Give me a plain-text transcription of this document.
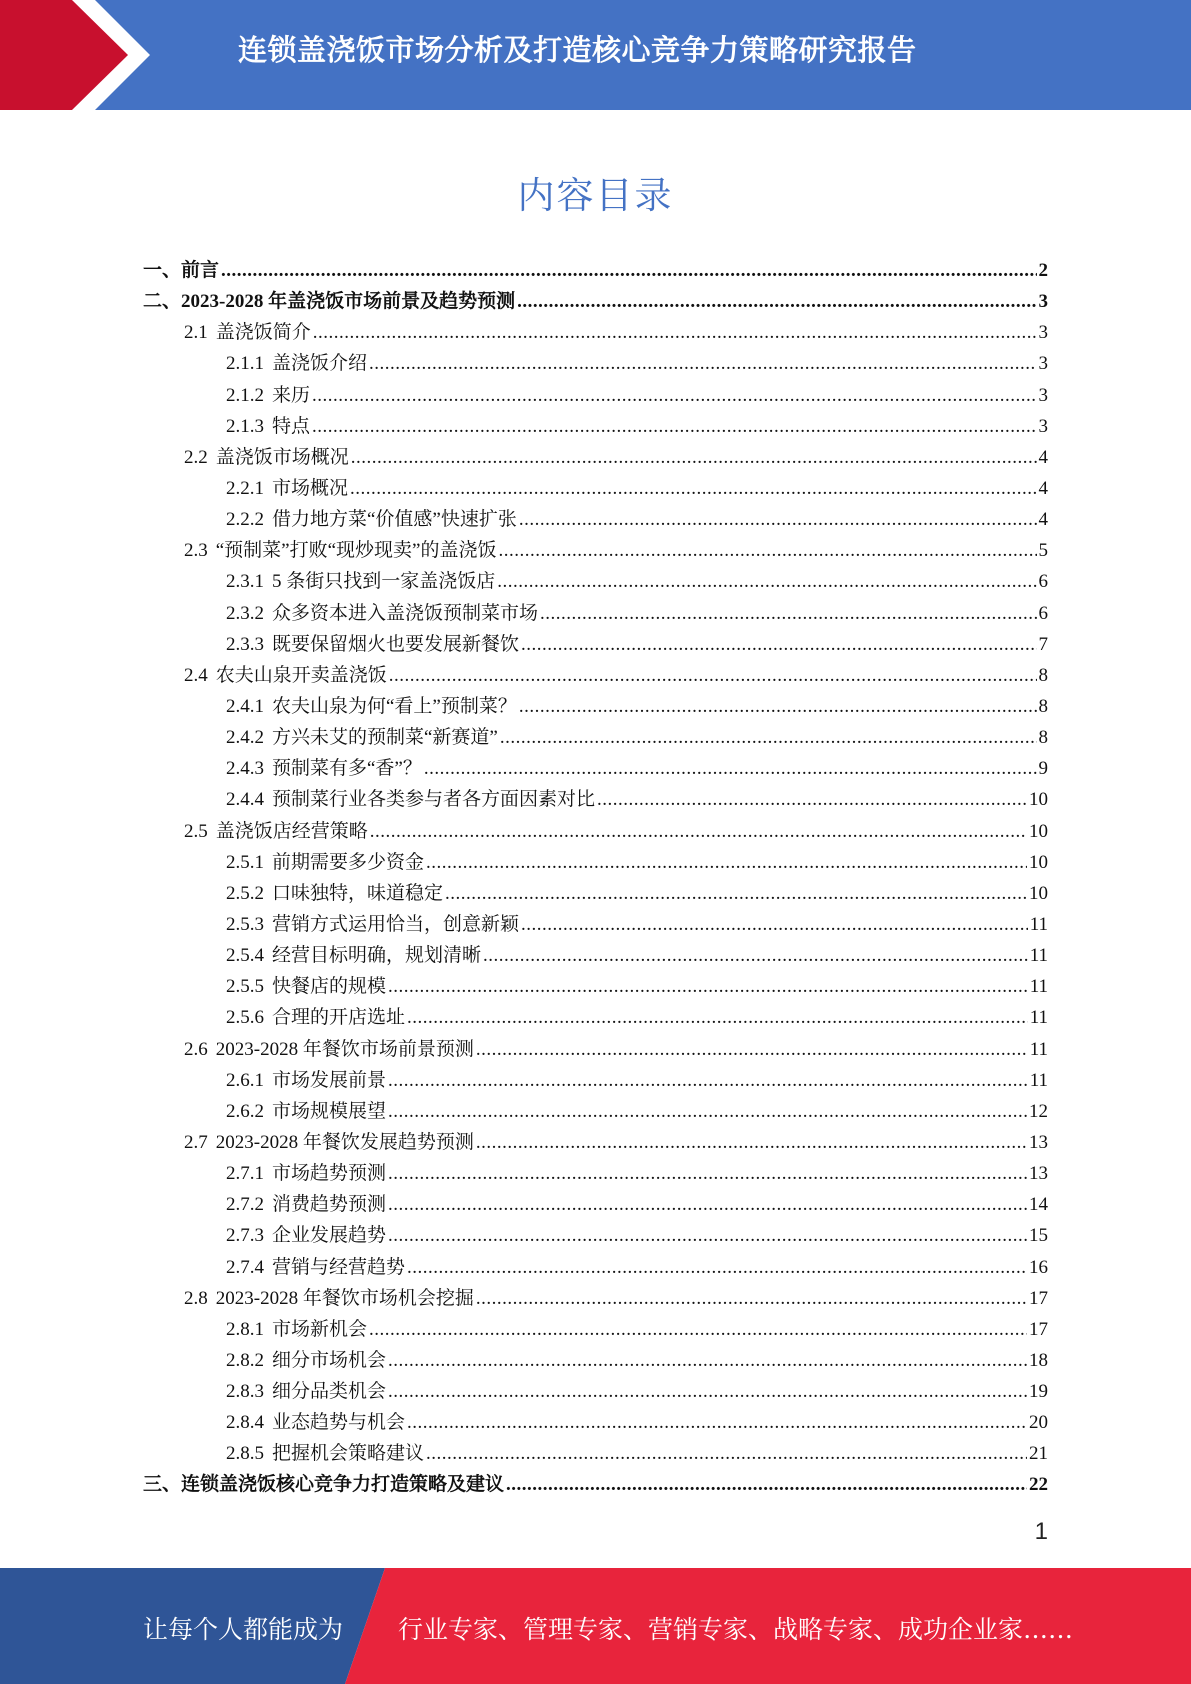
连锁盖浇饭市场分析及打造核心竞争力策略研究报告
内容目录
一、 前言 .....	2
二、 2023-2028 年盖浇饭市场前景及趋势预测 .....	3
2.1 盖浇饭简介 .....	3
2.1.1 盖浇饭介绍 .....	3
2.1.2 来历 .....	3
2.1.3 特点 .....	3
2.2 盖浇饭市场概况 .....	4
2.2.1 市场概况 .....	4
2.2.2 借力地方菜“价值感”快速扩张 .....	4
2.3 “预制菜”打败“现炒现卖”的盖浇饭 .....	5
2.3.1 5 条街只找到一家盖浇饭店 .....	6
2.3.2 众多资本进入盖浇饭预制菜市场 .....	6
2.3.3 既要保留烟火也要发展新餐饮 .....	7
2.4 农夫山泉开卖盖浇饭 .....	8
2.4.1 农夫山泉为何“看上”预制菜？ .....	8
2.4.2 方兴未艾的预制菜“新赛道” .....	8
2.4.3 预制菜有多“香”？ .....	9
2.4.4 预制菜行业各类参与者各方面因素对比 .....	10
2.5 盖浇饭店经营策略 .....	10
2.5.1 前期需要多少资金 .....	10
2.5.2 口味独特，味道稳定 .....	10
2.5.3 营销方式运用恰当，创意新颖 .....	11
2.5.4 经营目标明确，规划清晰 .....	11
2.5.5 快餐店的规模 .....	11
2.5.6 合理的开店选址 .....	11
2.6 2023-2028 年餐饮市场前景预测 .....	11
2.6.1 市场发展前景 .....	11
2.6.2 市场规模展望 .....	12
2.7 2023-2028 年餐饮发展趋势预测 .....	13
2.7.1 市场趋势预测 .....	13
2.7.2 消费趋势预测 .....	14
2.7.3 企业发展趋势 .....	15
2.7.4 营销与经营趋势 .....	16
2.8 2023-2028 年餐饮市场机会挖掘 .....	17
2.8.1 市场新机会 .....	17
2.8.2 细分市场机会 .....	18
2.8.3 细分品类机会 .....	19
2.8.4 业态趋势与机会 .....	20
2.8.5 把握机会策略建议 .....	21
三、 连锁盖浇饭核心竞争力打造策略及建议 .....	22
1
让每个人都能成为 行业专家、管理专家、营销专家、战略专家、成功企业家……
